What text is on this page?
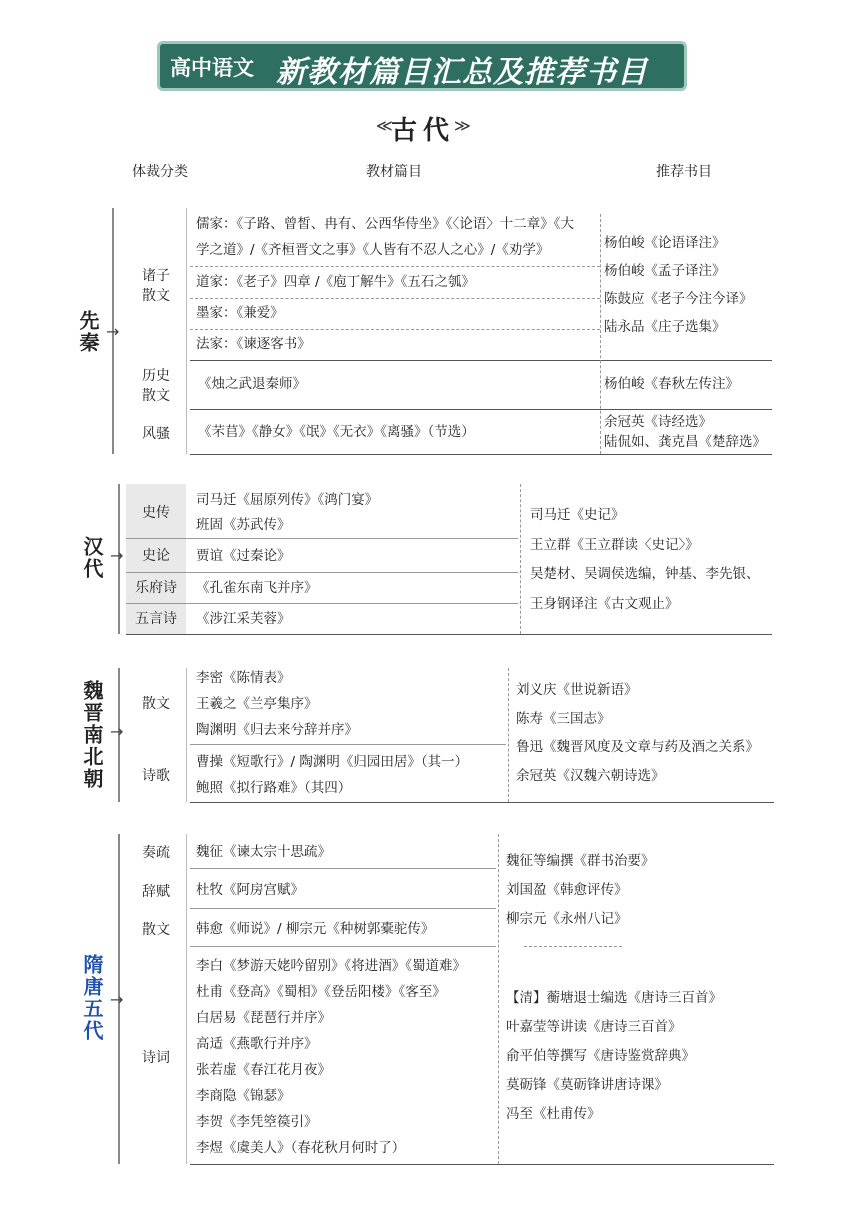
高中语文 新教材篇目汇总及推荐书目
≪
古代 ≫
体裁分类	教材篇目	推荐书目
先秦 →
诸子
散文
历史
散文
风骚
儒家：《子路、曾皙、冉有、公西华侍坐》《〈论语〉十二章》《大
学之道》/《齐桓晋文之事》《人皆有不忍人之心》/《劝学》
道家：《老子》四章 /《庖丁解牛》《五石之瓠》
墨家：《兼爱》
法家：《谏逐客书》
《烛之武退秦师》
《芣苢》《静女》《氓》《无衣》《离骚》（节选）
杨伯峻《论语译注》
杨伯峻《孟子译注》
陈鼓应《老子今注今译》
陆永品《庄子选集》
杨伯峻《春秋左传注》
余冠英《诗经选》
陆侃如、龚克昌《楚辞选》
汉代 →
史传
史论
乐府诗
五言诗
司马迁《屈原列传》《鸿门宴》
班固《苏武传》
贾谊《过秦论》
《孔雀东南飞并序》
《涉江采芙蓉》
司马迁《史记》
王立群《王立群读〈史记〉》
吴楚材、吴调侯选编，钟基、李先银、
王身钢译注《古文观止》
魏晋南北朝 →
散文
诗歌
李密《陈情表》
王羲之《兰亭集序》
陶渊明《归去来兮辞并序》
曹操《短歌行》/ 陶渊明《归园田居》（其一）
鲍照《拟行路难》（其四）
刘义庆《世说新语》
陈寿《三国志》
鲁迅《魏晋风度及文章与药及酒之关系》
余冠英《汉魏六朝诗选》
隋唐五代 →
奏疏
辞赋
散文
诗词
魏征《谏太宗十思疏》
杜牧《阿房宫赋》
韩愈《师说》/ 柳宗元《种树郭橐驼传》
李白《梦游天姥吟留别》《将进酒》《蜀道难》
杜甫《登高》《蜀相》《登岳阳楼》《客至》
白居易《琵琶行并序》
高适《燕歌行并序》
张若虚《春江花月夜》
李商隐《锦瑟》
李贺《李凭箜篌引》
李煜《虞美人》（春花秋月何时了）
魏征等编撰《群书治要》
刘国盈《韩愈评传》
柳宗元《永州八记》
【清】蘅塘退士编选《唐诗三百首》
叶嘉莹等讲读《唐诗三百首》
俞平伯等撰写《唐诗鉴赏辞典》
莫砺锋《莫砺锋讲唐诗课》
冯至《杜甫传》
